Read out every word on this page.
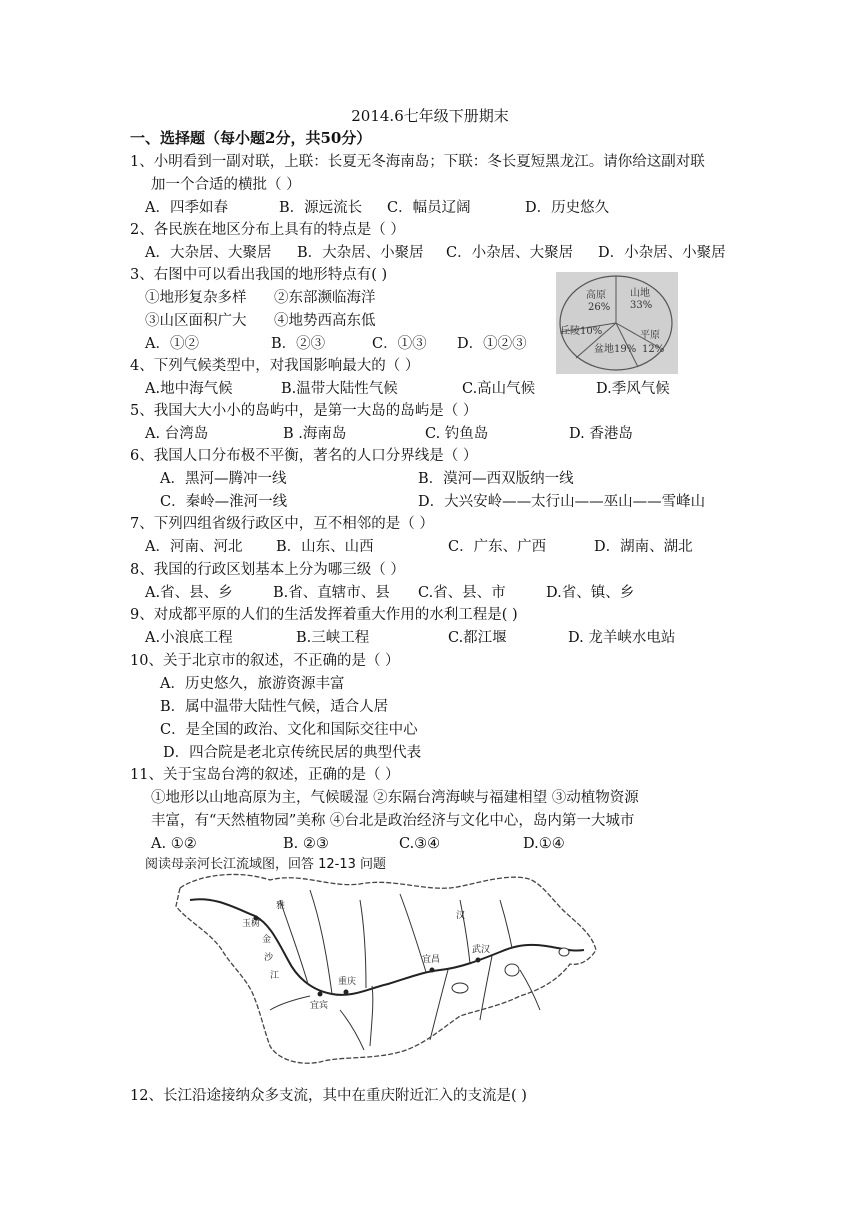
2014.6七年级下册期末
一、选择题（每小题2分，共50分）
1、小明看到一副对联，上联：长夏无冬海南岛；下联：冬长夏短黑龙江。请你给这副对联
加一个合适的横批（ ）
A．四季如春	B．源远流长 C．幅员辽阔	D．历史悠久
2、各民族在地区分布上具有的特点是（ ）
A．大杂居、大聚居 B．大杂居、小聚居 C．小杂居、大聚居 D．小杂居、小聚居
3、右图中可以看出我国的地形特点有( )
①地形复杂多样 ②东部濒临海洋
③山区面积广大 ④地势西高东低
A．①②	B．②③	C．①③ D．①②③
高原
26%
山地
33%
丘陵10%	平原
12%
盆地19%
4、下列气候类型中，对我国影响最大的（ ）
A.地中海气候	B.温带大陆性气候	C.高山气候	D.季风气候
5、我国大大小小的岛屿中，是第一大岛的岛屿是（ ）
A. 台湾岛	B .海南岛	C. 钓鱼岛	D. 香港岛
6、我国人口分布极不平衡，著名的人口分界线是（ ）
A．黑河—腾冲一线	B．漠河—西双版纳一线
C．秦岭—淮河一线	D．大兴安岭——太行山——巫山——雪峰山
7、下列四组省级行政区中，互不相邻的是（ ）
A．河南、河北 B．山东、山西	C．广东、广西	D．湖南、湖北
8、我国的行政区划基本上分为哪三级（ ）
A.省、县、乡	B.省、直辖市、县 C.省、县、市	D.省、镇、乡
9、对成都平原的人们的生活发挥着重大作用的水利工程是( )
A.小浪底工程	B.三峡工程	C.都江堰	D. 龙羊峡水电站
10、关于北京市的叙述，不正确的是（ ）
A．历史悠久，旅游资源丰富
B．属中温带大陆性气候，适合人居
C．是全国的政治、文化和国际交往中心
D．四合院是老北京传统民居的典型代表
11、关于宝岛台湾的叙述，正确的是（ ）
①地形以山地高原为主，气候暖湿 ②东隔台湾海峡与福建相望 ③动植物资源
丰富，有“天然植物园”美称 ④台北是政治经济与文化中心，岛内第一大城市
A. ①②	B. ②③	C.③④	D.①④
阅读母亲河长江流域图，回答 12-13 问题
玉树
金
沙
江
重庆
宜昌
武汉
宜宾
汉
雅
12、长江沿途接纳众多支流，其中在重庆附近汇入的支流是( )
